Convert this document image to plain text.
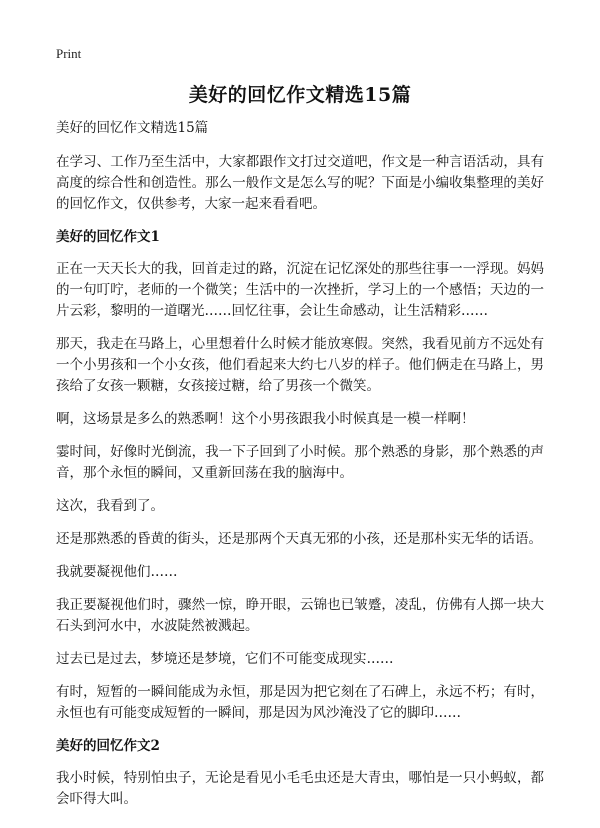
Print
美好的回忆作文精选15篇
美好的回忆作文精选15篇

在学习、工作乃至生活中，大家都跟作文打过交道吧，作文是一种言语活动，具有高度的综合性和创造性。那么一般作文是怎么写的呢？下面是小编收集整理的美好的回忆作文，仅供参考，大家一起来看看吧。

美好的回忆作文1

正在一天天长大的我，回首走过的路，沉淀在记忆深处的那些往事一一浮现。妈妈的一句叮咛，老师的一个微笑；生活中的一次挫折，学习上的一个感悟；天边的一片云彩，黎明的一道曙光……回忆往事，会让生命感动，让生活精彩……

那天，我走在马路上，心里想着什么时候才能放寒假。突然，我看见前方不远处有一个小男孩和一个小女孩，他们看起来大约七八岁的样子。他们俩走在马路上，男孩给了女孩一颗糖，女孩接过糖，给了男孩一个微笑。

啊，这场景是多么的熟悉啊！这个小男孩跟我小时候真是一模一样啊！

霎时间，好像时光倒流，我一下子回到了小时候。那个熟悉的身影，那个熟悉的声音，那个永恒的瞬间，又重新回荡在我的脑海中。

这次，我看到了。

还是那熟悉的昏黄的街头，还是那两个天真无邪的小孩，还是那朴实无华的话语。

我就要凝视他们……

我正要凝视他们时，骤然一惊，睁开眼，云锦也已皱蹙，凌乱，仿佛有人掷一块大石头到河水中，水波陡然被溅起。

过去已是过去，梦境还是梦境，它们不可能变成现实……

有时，短暂的一瞬间能成为永恒，那是因为把它刻在了石碑上，永远不朽；有时，永恒也有可能变成短暂的一瞬间，那是因为风沙淹没了它的脚印……

美好的回忆作文2

我小时候，特别怕虫子，无论是看见小毛毛虫还是大青虫，哪怕是一只小蚂蚁，都会吓得大叫。
